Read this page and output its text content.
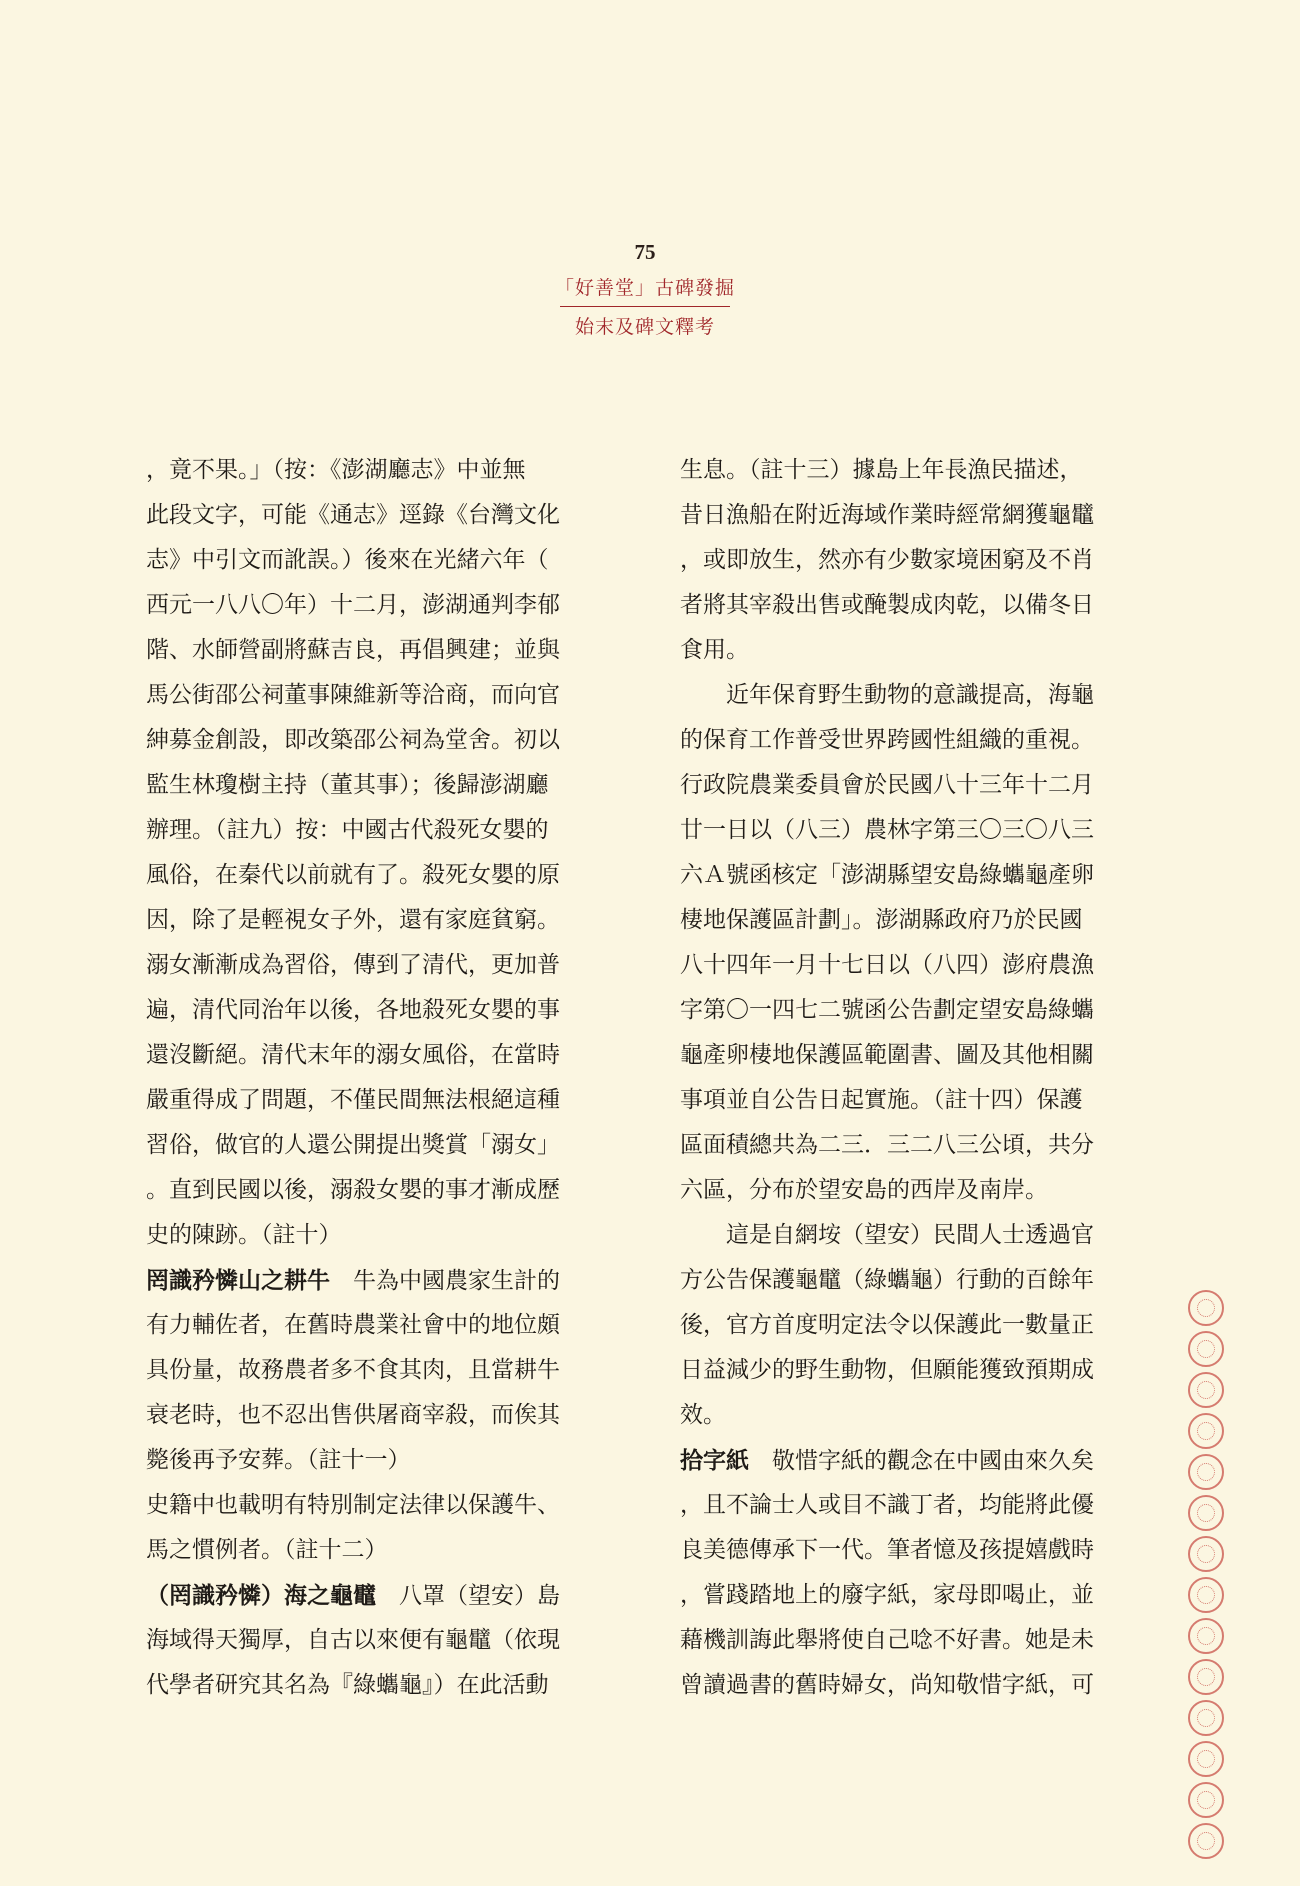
75
「好善堂」古碑發掘
始末及碑文釋考
，竟不果。」（按：《澎湖廳志》中並無
此段文字，可能《通志》逕錄《台灣文化
志》中引文而訛誤。）後來在光緒六年（
西元一八八〇年）十二月，澎湖通判李郁
階、水師營副將蘇吉良，再倡興建；並與
馬公街邵公祠董事陳維新等洽商，而向官
紳募金創設，即改築邵公祠為堂舍。初以
監生林瓊樹主持（董其事）；後歸澎湖廳
辦理。（註九）按：中國古代殺死女嬰的
風俗，在秦代以前就有了。殺死女嬰的原
因，除了是輕視女子外，還有家庭貧窮。
溺女漸漸成為習俗，傳到了清代，更加普
遍，清代同治年以後，各地殺死女嬰的事
還沒斷絕。清代末年的溺女風俗，在當時
嚴重得成了問題，不僅民間無法根絕這種
習俗，做官的人還公開提出獎賞「溺女」
。直到民國以後，溺殺女嬰的事才漸成歷
史的陳跡。（註十）
罔識矜憐山之耕牛　牛為中國農家生計的
有力輔佐者，在舊時農業社會中的地位頗
具份量，故務農者多不食其肉，且當耕牛
衰老時，也不忍出售供屠商宰殺，而俟其
斃後再予安葬。（註十一）
史籍中也載明有特別制定法律以保護牛、
馬之慣例者。（註十二）
（罔識矜憐）海之龜鼊　八罩（望安）島
海域得天獨厚，自古以來便有龜鼊（依現
代學者研究其名為『綠蠵龜』）在此活動
生息。（註十三）據島上年長漁民描述，
昔日漁船在附近海域作業時經常網獲龜鼊
，或即放生，然亦有少數家境困窮及不肖
者將其宰殺出售或醃製成肉乾，以備冬日
食用。
　　近年保育野生動物的意識提高，海龜
的保育工作普受世界跨國性組織的重視。
行政院農業委員會於民國八十三年十二月
廿一日以（八三）農林字第三〇三〇八三
六Ａ號函核定「澎湖縣望安島綠蠵龜產卵
棲地保護區計劃」。澎湖縣政府乃於民國
八十四年一月十七日以（八四）澎府農漁
字第〇一四七二號函公告劃定望安島綠蠵
龜產卵棲地保護區範圍書、圖及其他相關
事項並自公告日起實施。（註十四）保護
區面積總共為二三．三二八三公頃，共分
六區，分布於望安島的西岸及南岸。
　　這是自網垵（望安）民間人士透過官
方公告保護龜鼊（綠蠵龜）行動的百餘年
後，官方首度明定法令以保護此一數量正
日益減少的野生動物，但願能獲致預期成
效。
拾字紙　敬惜字紙的觀念在中國由來久矣
，且不論士人或目不識丁者，均能將此優
良美德傳承下一代。筆者憶及孩提嬉戲時
，嘗踐踏地上的廢字紙，家母即喝止，並
藉機訓誨此舉將使自己唸不好書。她是未
曾讀過書的舊時婦女，尚知敬惜字紙，可
